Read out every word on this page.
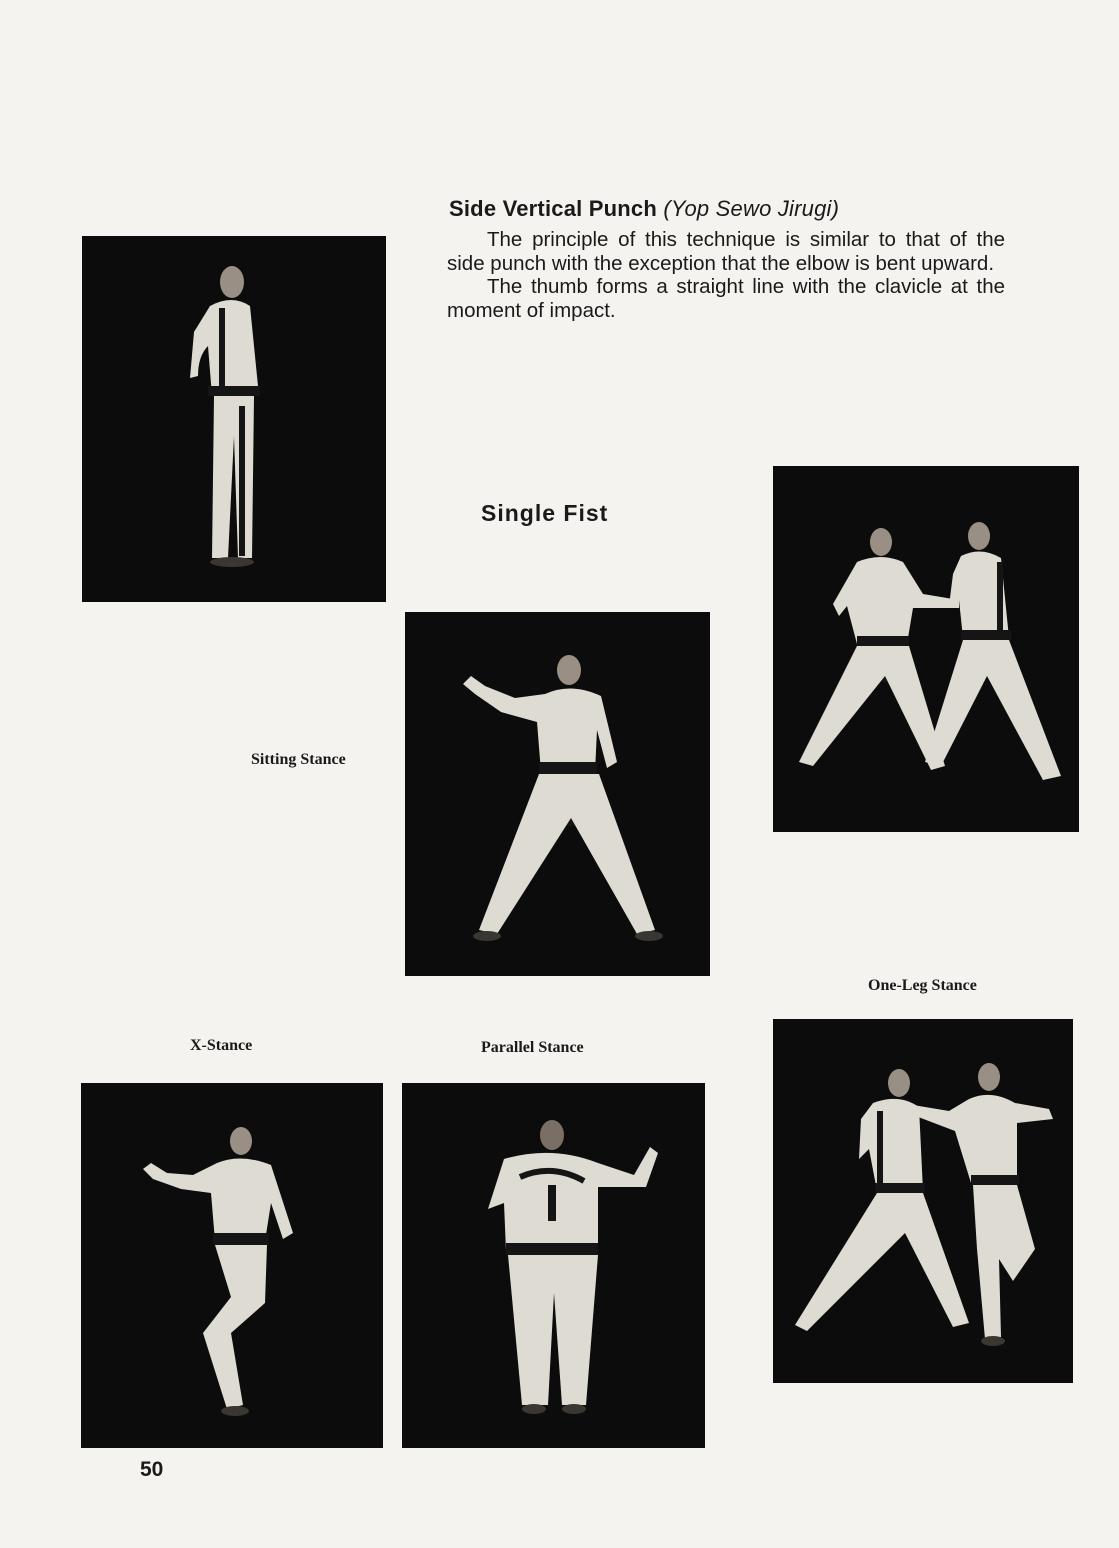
Side Vertical Punch (Yop Sewo Jirugi)

The principle of this technique is similar to that of the side punch with the exception that the elbow is bent upward.

The thumb forms a straight line with the clavicle at the moment of impact.

Single Fist
Sitting Stance
One-Leg Stance
X-Stance	Parallel Stance
50
